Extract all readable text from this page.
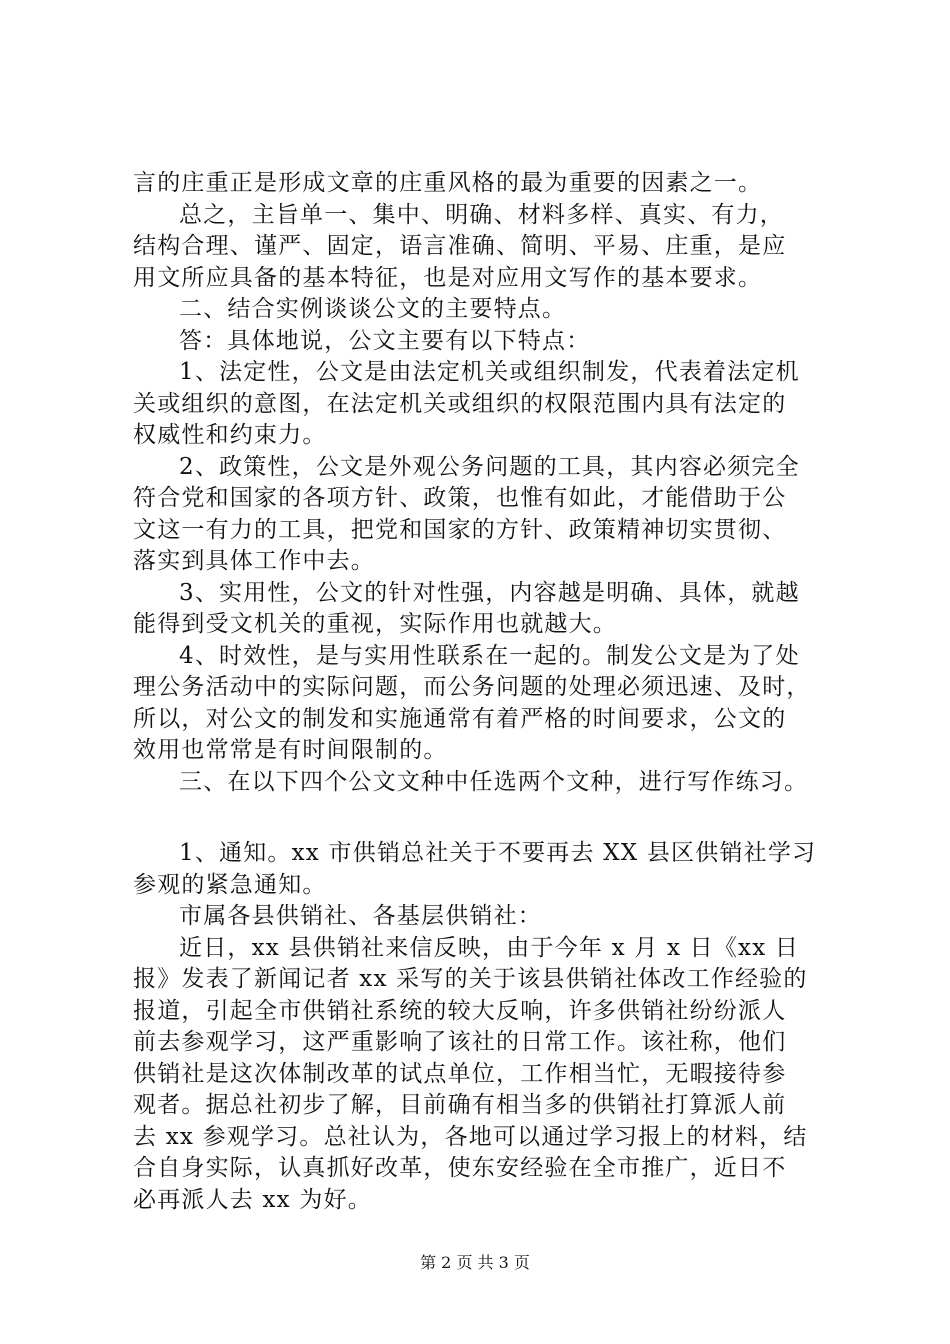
言的庄重正是形成文章的庄重风格的最为重要的因素之一。
总之，主旨单一、集中、明确、材料多样、真实、有力，
结构合理、谨严、固定，语言准确、简明、平易、庄重，是应
用文所应具备的基本特征，也是对应用文写作的基本要求。
二、结合实例谈谈公文的主要特点。
答：具体地说，公文主要有以下特点：
1、法定性，公文是由法定机关或组织制发，代表着法定机
关或组织的意图，在法定机关或组织的权限范围内具有法定的
权威性和约束力。
2、政策性，公文是外观公务问题的工具，其内容必须完全
符合党和国家的各项方针、政策，也惟有如此，才能借助于公
文这一有力的工具，把党和国家的方针、政策精神切实贯彻、
落实到具体工作中去。
3、实用性，公文的针对性强，内容越是明确、具体，就越
能得到受文机关的重视，实际作用也就越大。
4、时效性，是与实用性联系在一起的。制发公文是为了处
理公务活动中的实际问题，而公务问题的处理必须迅速、及时，
所以，对公文的制发和实施通常有着严格的时间要求，公文的
效用也常常是有时间限制的。
三、在以下四个公文文种中任选两个文种，进行写作练习。
1、通知。xx 市供销总社关于不要再去 XX 县区供销社学习
参观的紧急通知。
市属各县供销社、各基层供销社：
近日，xx 县供销社来信反映，由于今年 x 月 x 日《xx 日
报》发表了新闻记者 xx 采写的关于该县供销社体改工作经验的
报道，引起全市供销社系统的较大反响，许多供销社纷纷派人
前去参观学习，这严重影响了该社的日常工作。该社称，他们
供销社是这次体制改革的试点单位，工作相当忙，无暇接待参
观者。据总社初步了解，目前确有相当多的供销社打算派人前
去 xx 参观学习。总社认为，各地可以通过学习报上的材料，结
合自身实际，认真抓好改革，使东安经验在全市推广，近日不
必再派人去 xx 为好。
第 2 页 共 3 页
